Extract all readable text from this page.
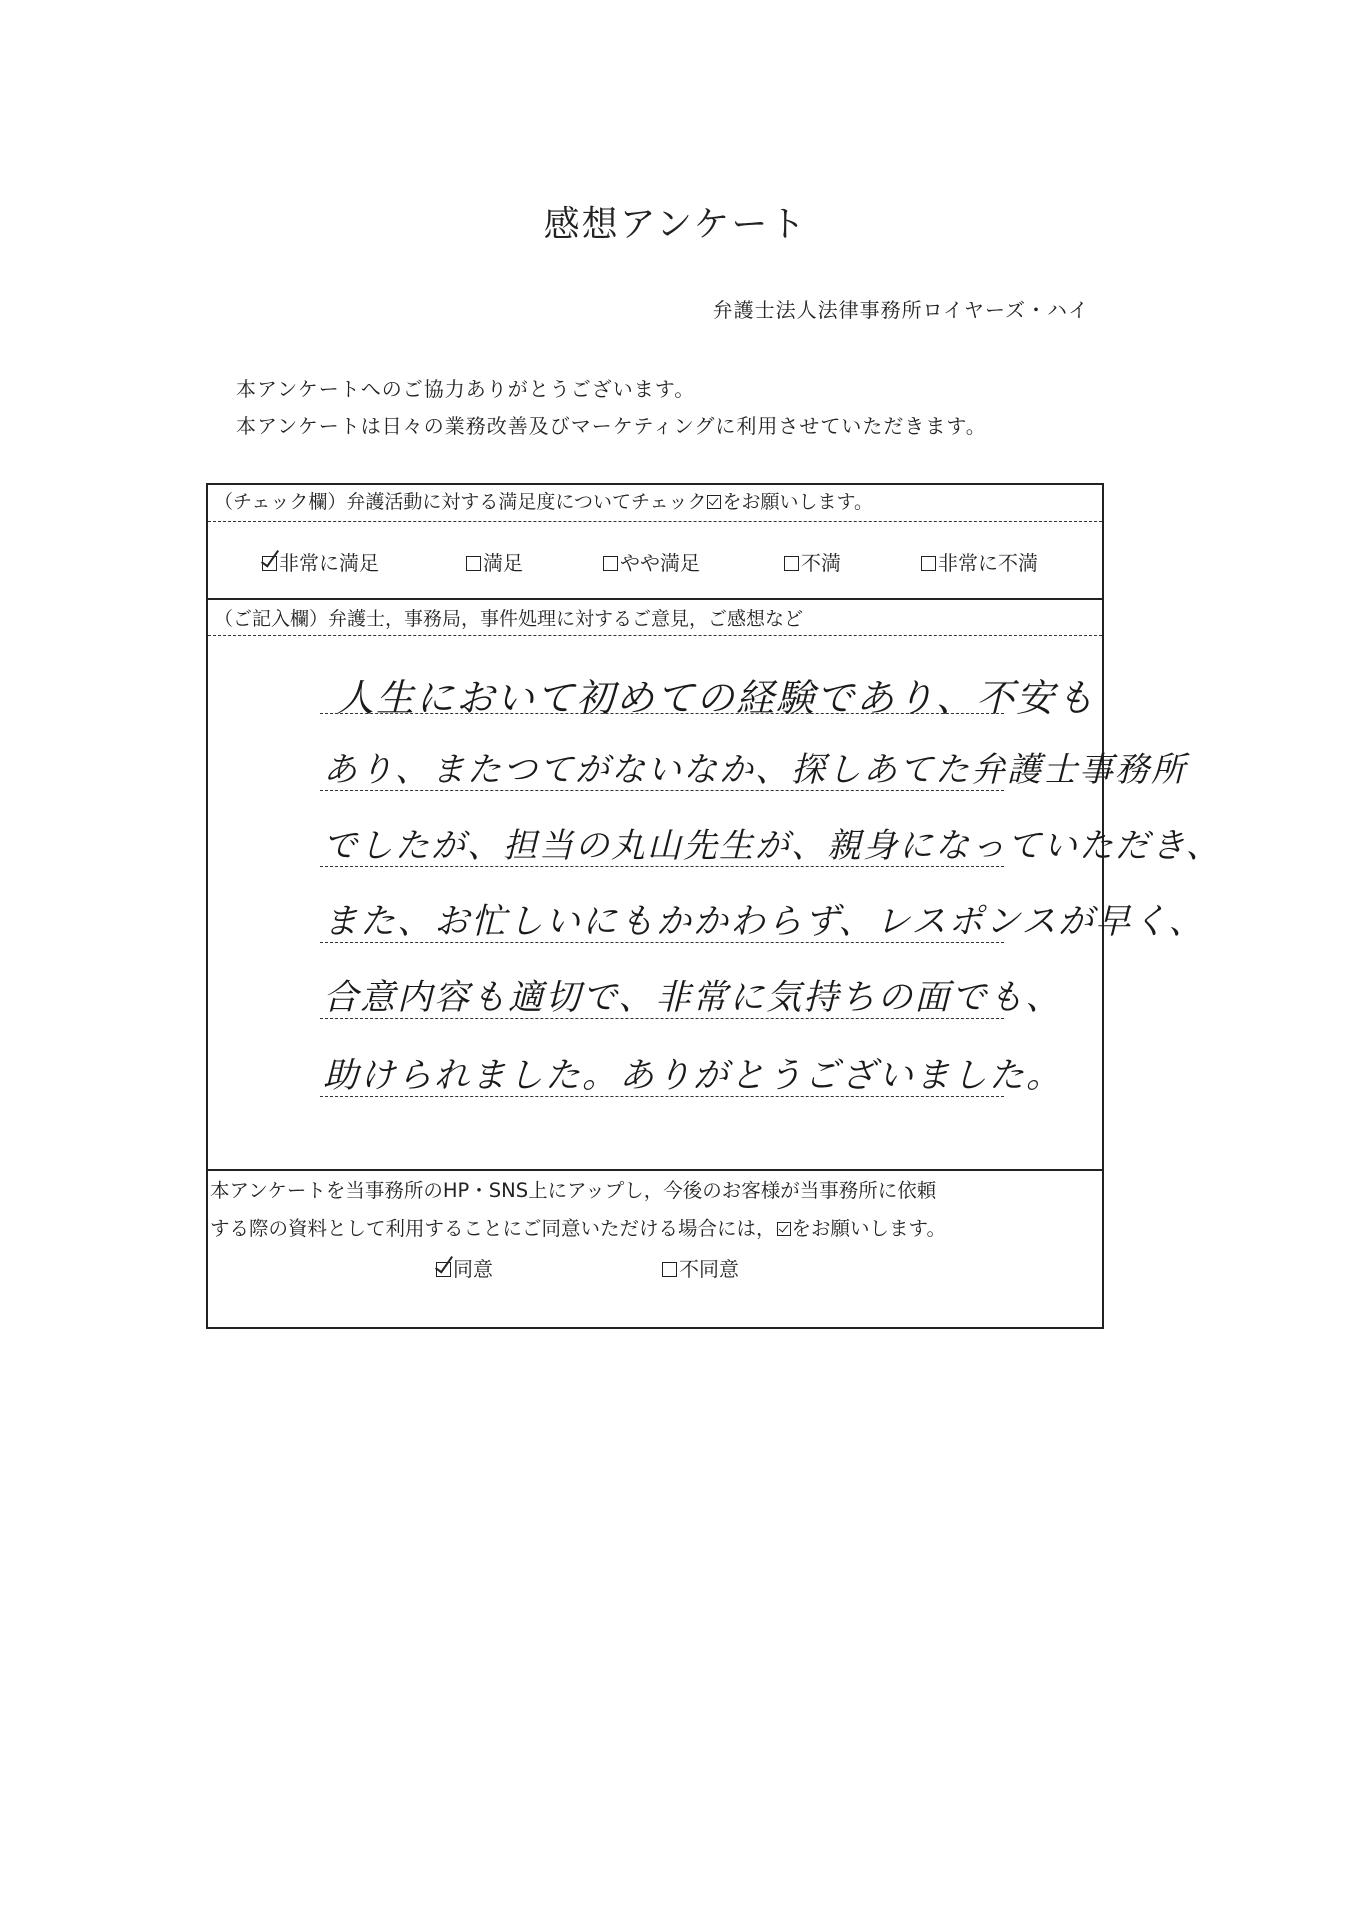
感想アンケート
弁護士法人法律事務所ロイヤーズ・ハイ
本アンケートへのご協力ありがとうございます。
本アンケートは日々の業務改善及びマーケティングに利用させていただきます。
（チェック欄）弁護活動に対する満足度についてチェック をお願いします。
非常に満足	満足	やや満足	不満	非常に不満
（ご記入欄）弁護士，事務局，事件処理に対するご意見，ご感想など
人生において初めての経験であり、不安も
あり、またつてがないなか、探しあてた弁護士事務所
でしたが、担当の丸山先生が、親身になっていただき、
また、お忙しいにもかかわらず、レスポンスが早く、
合意内容も適切で、非常に気持ちの面でも、
助けられました。ありがとうございました。
本アンケートを当事務所のHP・SNS上にアップし，今後のお客様が当事務所に依頼
する際の資料として利用することにご同意いただける場合には， をお願いします。
同意	不同意
